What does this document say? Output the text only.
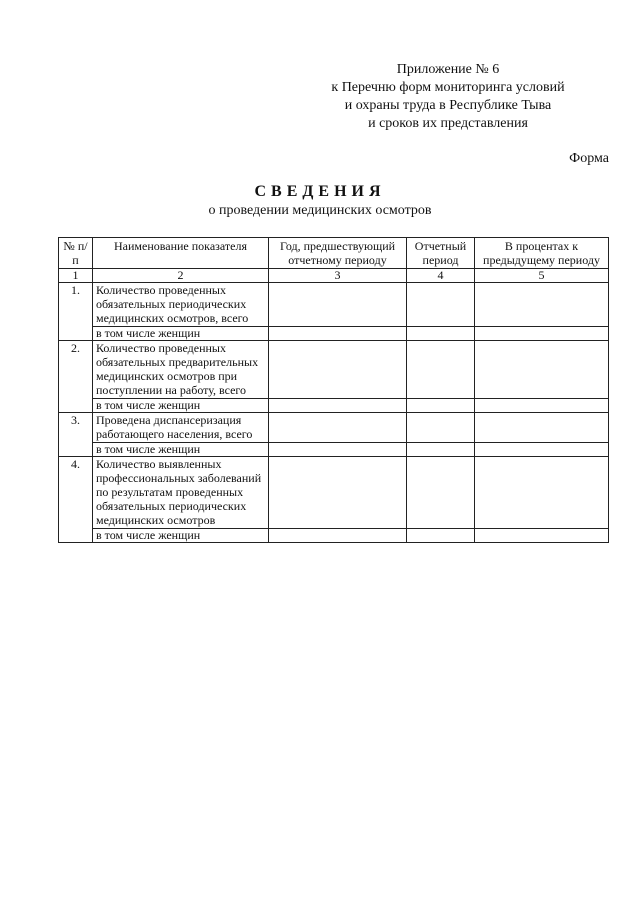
Приложение № 6
к Перечню форм мониторинга условий
и охраны труда в Республике Тыва
и сроков их представления
Форма
СВЕДЕНИЯ
о проведении медицинских осмотров
№ п/п	Наименование показателя	Год, предшествующий отчетному периоду	Отчетный период	В процентах к предыдущему периоду
1	2	3	4	5
1.	Количество проведенных обязательных периодических медицинских осмотров, всего			
	в том числе женщин			
2.	Количество проведенных обязательных предварительных медицинских осмотров при поступлении на работу, всего			
	в том числе женщин			
3.	Проведена диспансеризация работающего населения, всего			
	в том числе женщин			
4.	Количество выявленных профессиональных заболеваний по результатам проведенных обязательных периодических медицинских осмотров			
	в том числе женщин			
